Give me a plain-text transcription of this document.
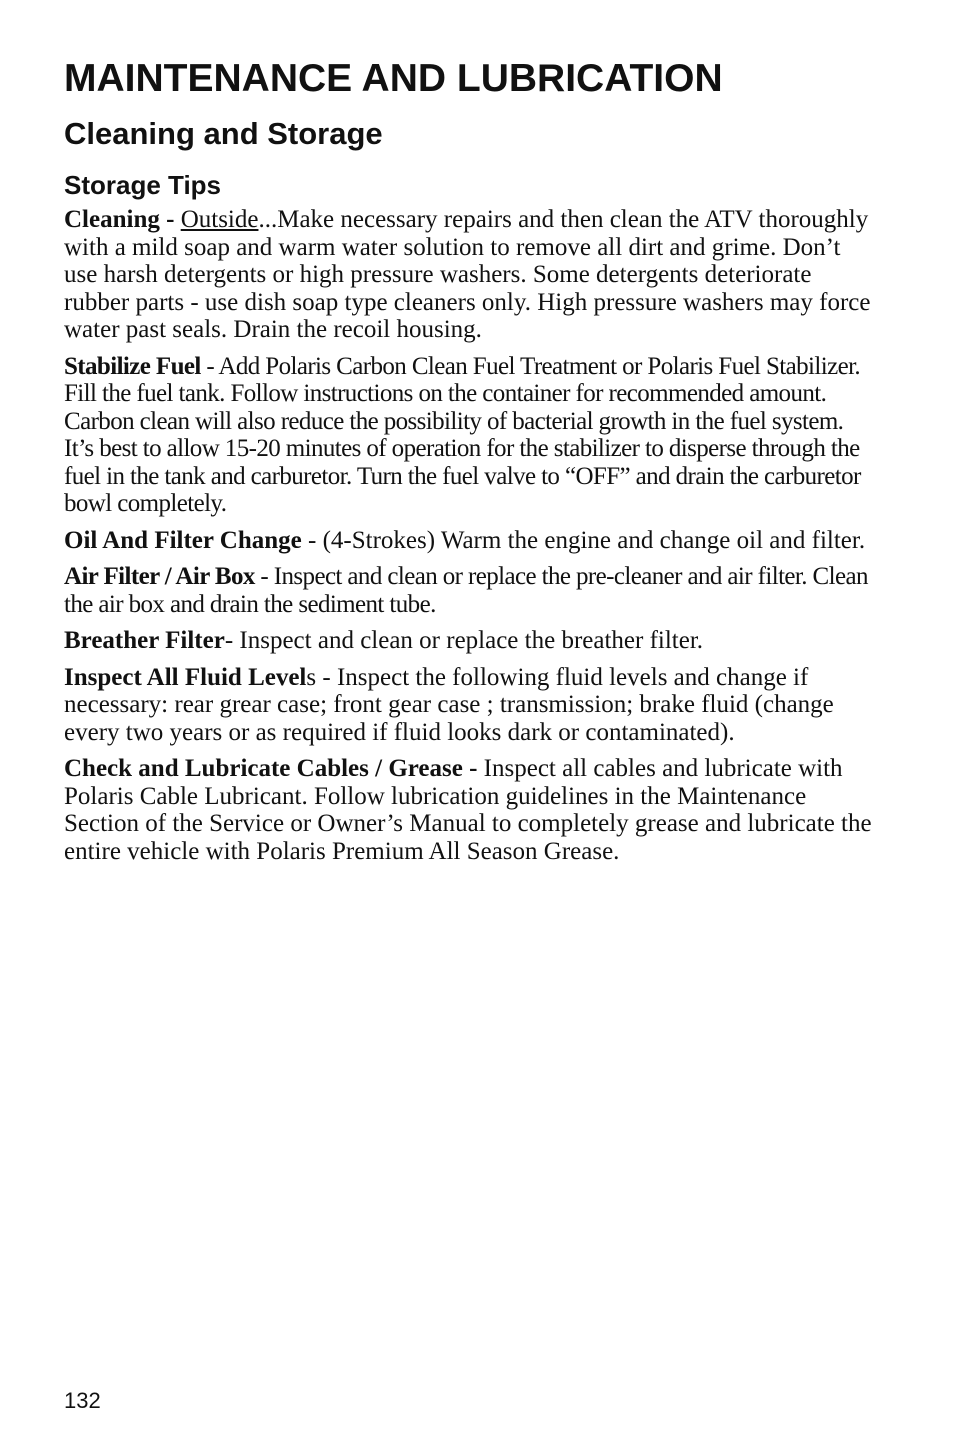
MAINTENANCE AND LUBRICATION
Cleaning and Storage
Storage Tips

Cleaning - Outside...Make necessary repairs and then clean the ATV thoroughly with a mild soap and warm water solution to remove all dirt and grime. Don’t use harsh detergents or high pressure washers. Some detergents deteriorate rubber parts - use dish soap type cleaners only. High pressure washers may force water past seals. Drain the recoil housing.

Stabilize Fuel - Add Polaris Carbon Clean Fuel Treatment or Polaris Fuel Stabilizer. Fill the fuel tank. Follow instructions on the container for recommended amount. Carbon clean will also reduce the possibility of bacterial growth in the fuel system. It’s best to allow 15-20 minutes of operation for the stabilizer to disperse through the fuel in the tank and carburetor. Turn the fuel valve to “OFF” and drain the carburetor bowl completely.

Oil And Filter Change - (4-Strokes) Warm the engine and change oil and filter.

Air Filter / Air Box - Inspect and clean or replace the pre-cleaner and air filter. Clean the air box and drain the sediment tube.

Breather Filter- Inspect and clean or replace the breather filter.

Inspect All Fluid Levels - Inspect the following fluid levels and change if necessary: rear grear case; front gear case ; transmission; brake fluid (change every two years or as required if fluid looks dark or contaminated).

Check and Lubricate Cables / Grease - Inspect all cables and lubricate with Polaris Cable Lubricant. Follow lubrication guidelines in the Maintenance Section of the Service or Owner’s Manual to completely grease and lubricate the entire vehicle with Polaris Premium All Season Grease.

132
